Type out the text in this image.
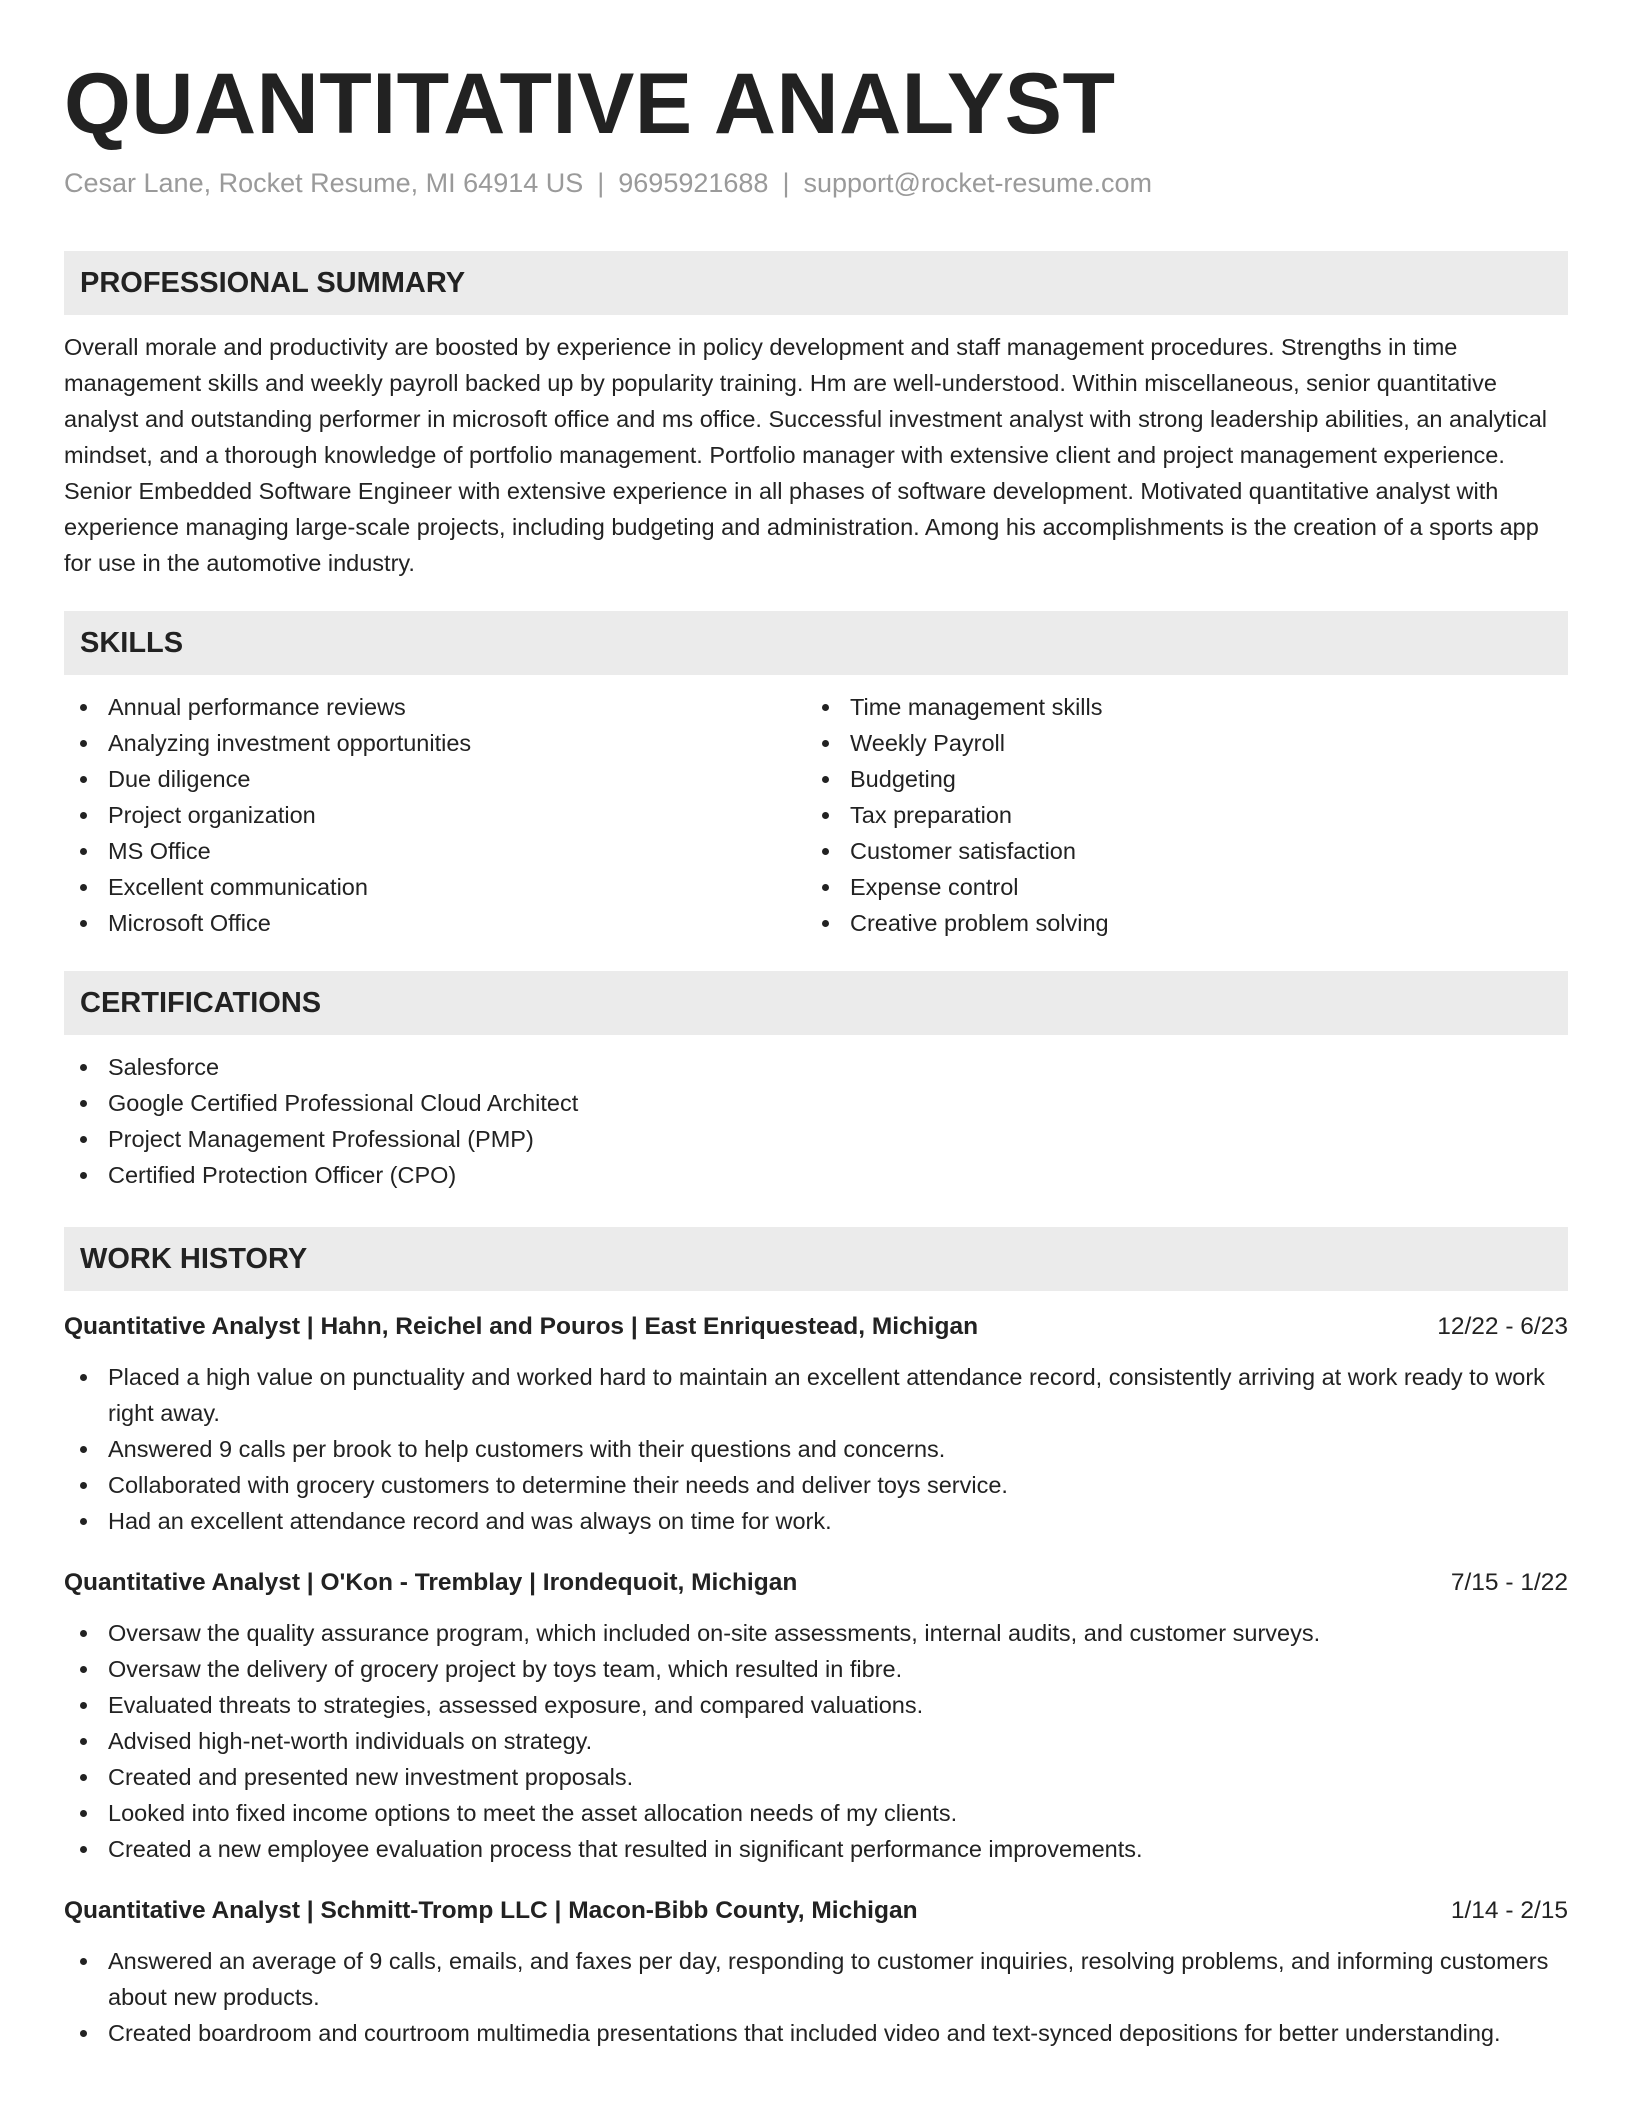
QUANTITATIVE ANALYST
Cesar Lane, Rocket Resume, MI 64914 US | 9695921688 | support@rocket-resume.com
PROFESSIONAL SUMMARY

Overall morale and productivity are boosted by experience in policy development and staff management procedures. Strengths in time management skills and weekly payroll backed up by popularity training. Hm are well-understood. Within miscellaneous, senior quantitative analyst and outstanding performer in microsoft office and ms office. Successful investment analyst with strong leadership abilities, an analytical mindset, and a thorough knowledge of portfolio management. Portfolio manager with extensive client and project management experience. Senior Embedded Software Engineer with extensive experience in all phases of software development. Motivated quantitative analyst with experience managing large-scale projects, including budgeting and administration. Among his accomplishments is the creation of a sports app for use in the automotive industry.

SKILLS
Annual performance reviews
Analyzing investment opportunities
Due diligence
Project organization
MS Office
Excellent communication
Microsoft Office
Time management skills
Weekly Payroll
Budgeting
Tax preparation
Customer satisfaction
Expense control
Creative problem solving
CERTIFICATIONS
Salesforce
Google Certified Professional Cloud Architect
Project Management Professional (PMP)
Certified Protection Officer (CPO)
WORK HISTORY
Quantitative Analyst | Hahn, Reichel and Pouros | East Enriquestead, Michigan	12/22 - 6/23
Placed a high value on punctuality and worked hard to maintain an excellent attendance record, consistently arriving at work ready to work right away.
Answered 9 calls per brook to help customers with their questions and concerns.
Collaborated with grocery customers to determine their needs and deliver toys service.
Had an excellent attendance record and was always on time for work.
Quantitative Analyst | O'Kon - Tremblay | Irondequoit, Michigan	7/15 - 1/22
Oversaw the quality assurance program, which included on-site assessments, internal audits, and customer surveys.
Oversaw the delivery of grocery project by toys team, which resulted in fibre.
Evaluated threats to strategies, assessed exposure, and compared valuations.
Advised high-net-worth individuals on strategy.
Created and presented new investment proposals.
Looked into fixed income options to meet the asset allocation needs of my clients.
Created a new employee evaluation process that resulted in significant performance improvements.
Quantitative Analyst | Schmitt-Tromp LLC | Macon-Bibb County, Michigan	1/14 - 2/15
Answered an average of 9 calls, emails, and faxes per day, responding to customer inquiries, resolving problems, and informing customers about new products.
Created boardroom and courtroom multimedia presentations that included video and text-synced depositions for better understanding.
